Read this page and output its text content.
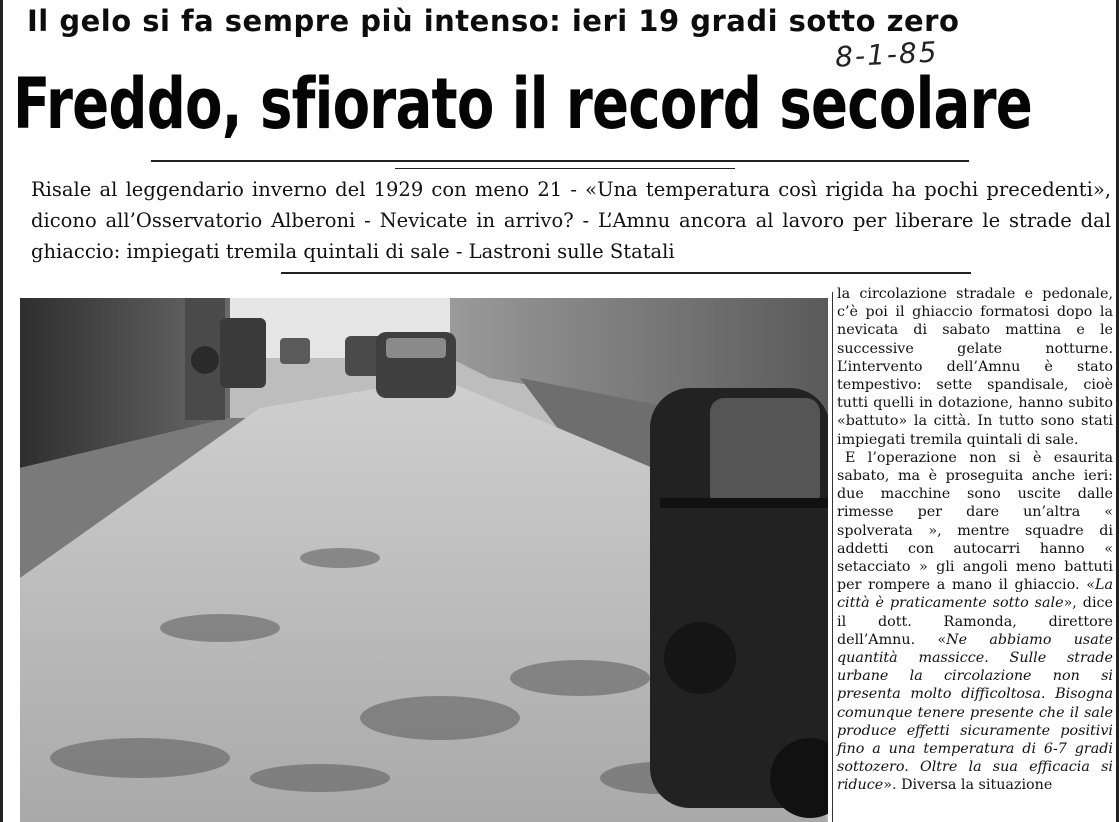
Il gelo si fa sempre più intenso: ieri 19 gradi sotto zero
8-1-85
Freddo, sfiorato il record secolare
Risale al leggendario inverno del 1929 con meno 21 - «Una temperatura così rigida ha pochi precedenti», dicono all’Osservatorio Alberoni - Nevicate in arrivo? - L’Amnu ancora al lavoro per liberare le strade dal ghiaccio: impiegati tremila quintali di sale - Lastroni sulle Statali

la circolazione stradale e pedonale, c’è poi il ghiaccio formatosi dopo la nevicata di sabato mattina e le successive gelate notturne. L’intervento dell’Amnu è stato tempestivo: sette spandisale, cioè tutti quelli in dotazione, hanno subito «battuto» la città. In tutto sono stati impiegati tremila quintali di sale.

E l’operazione non si è esaurita sabato, ma è proseguita anche ieri: due macchine sono uscite dalle rimesse per dare un’altra « spolverata », mentre squadre di addetti con autocarri hanno « setacciato » gli angoli meno battuti per rompere a mano il ghiaccio. «La città è praticamente sotto sale», dice il dott. Ramonda, direttore dell’Amnu. «Ne abbiamo usate quantità massicce. Sulle strade urbane la circolazione non si presenta molto difficoltosa. Bisogna comunque tenere presente che il sale produce effetti sicuramente positivi fino a una temperatura di 6-7 gradi sottozero. Oltre la sua efficacia si riduce». Diversa la situazione
